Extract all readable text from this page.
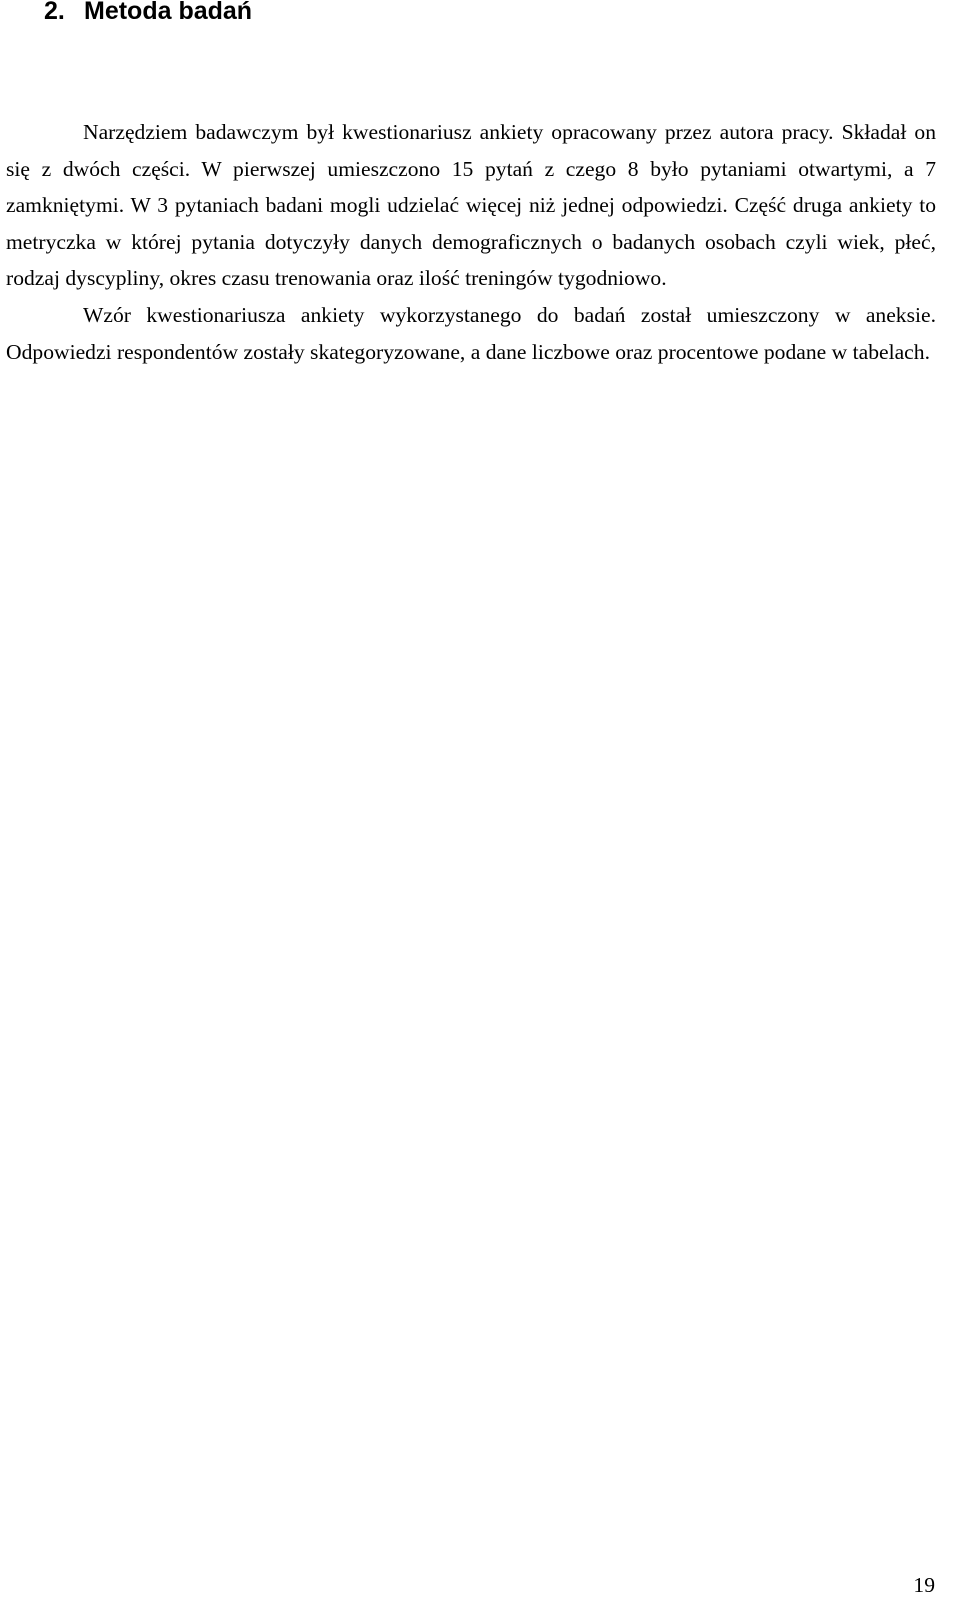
2. Metoda badań

Narzędziem badawczym był kwestionariusz ankiety opracowany przez autora pracy. Składał on się z dwóch części. W pierwszej umieszczono 15 pytań z czego 8 było pytaniami otwartymi, a 7 zamkniętymi. W 3 pytaniach badani mogli udzielać więcej niż jednej odpowiedzi. Część druga ankiety to metryczka w której pytania dotyczyły danych demograficznych o badanych osobach czyli wiek, płeć, rodzaj dyscypliny, okres czasu trenowania oraz ilość treningów tygodniowo.

Wzór kwestionariusza ankiety wykorzystanego do badań został umieszczony w aneksie. Odpowiedzi respondentów zostały skategoryzowane, a dane liczbowe oraz procentowe podane w tabelach.

19
